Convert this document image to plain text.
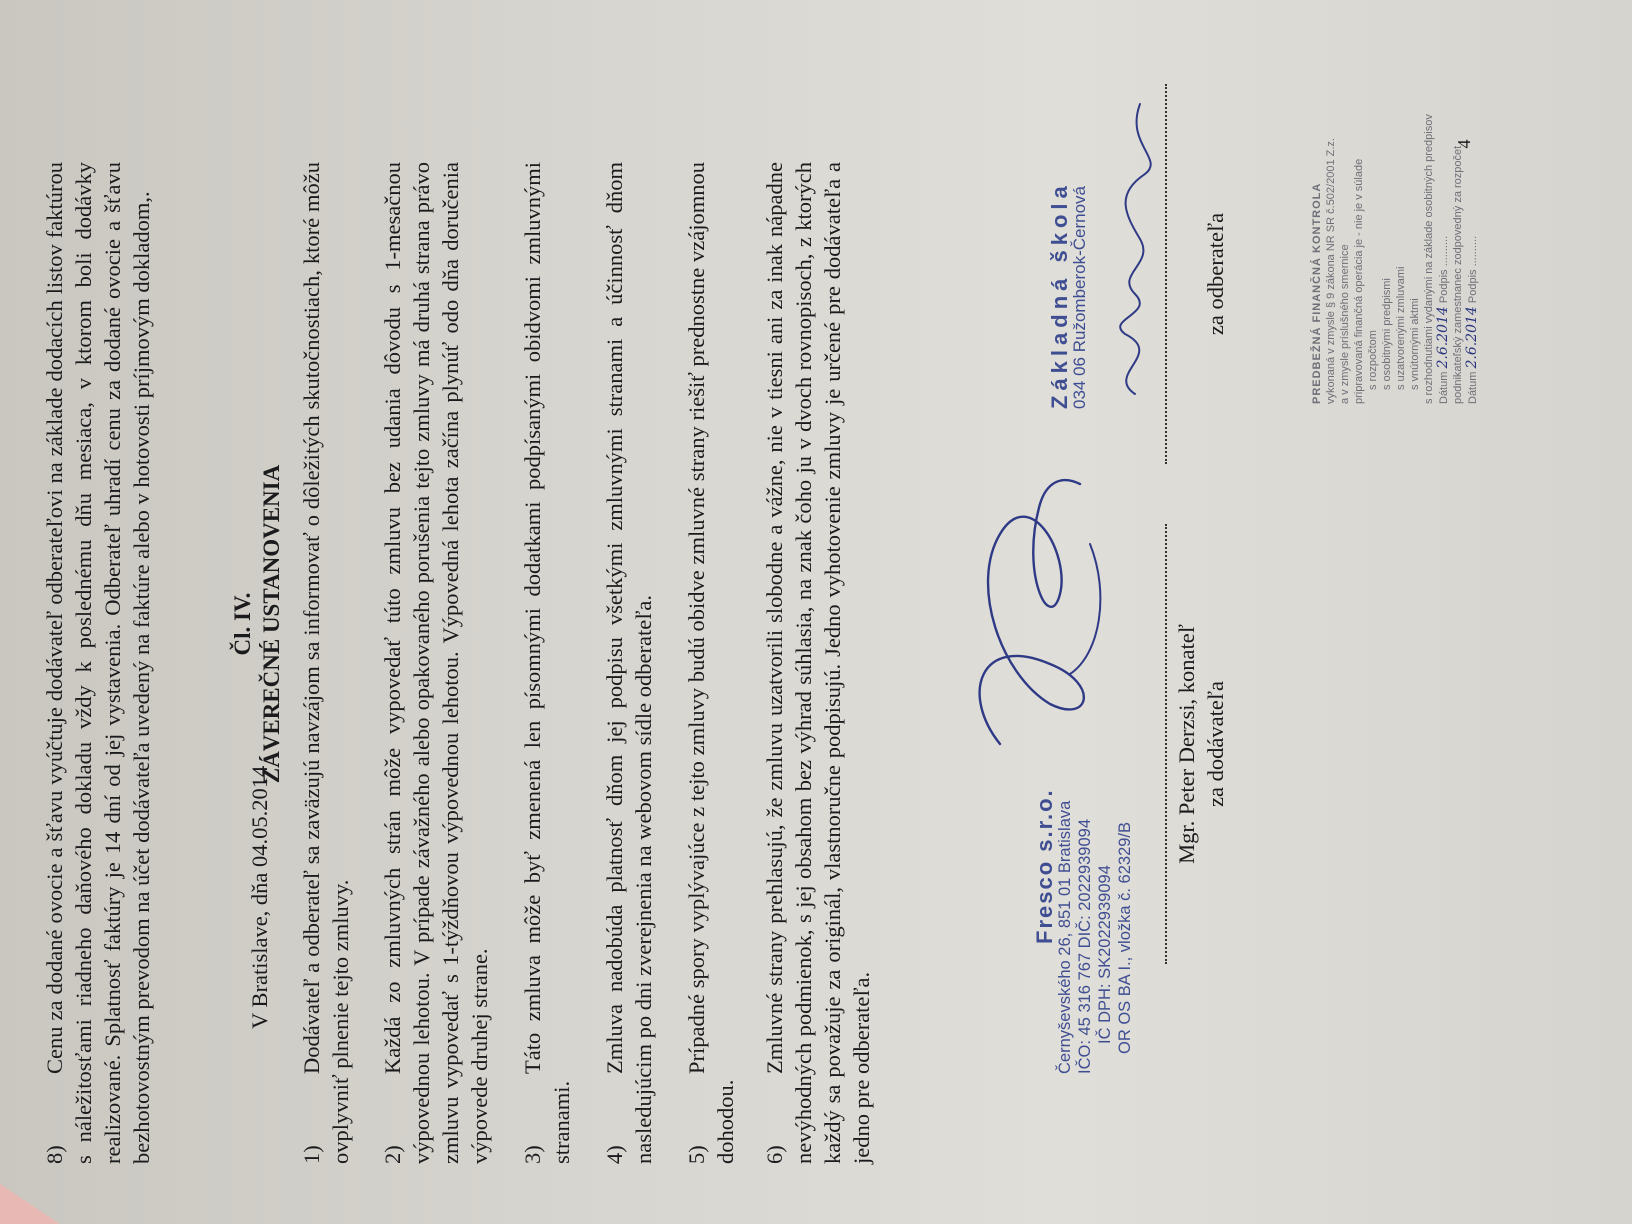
8)Cenu za dodané ovocie a šťavu vyúčtuje dodávateľ odberateľovi na základe dodacích listov faktúrou s náležitosťami riadneho daňového dokladu vždy k poslednému dňu mesiaca, v ktorom boli dodávky realizované. Splatnosť faktúry je 14 dní od jej vystavenia. Odberateľ uhradí cenu za dodané ovocie a šťavu bezhotovostným prevodom na účet dodávateľa uvedený na faktúre alebo v hotovosti príjmovým dokladom,.	Čl. IV. ZÁVEREČNÉ USTANOVENIA
1)Dodávateľ a odberateľ sa zaväzujú navzájom sa informovať o dôležitých skutočnostiach, ktoré môžu ovplyvniť plnenie tejto zmluvy. 2)Každá zo zmluvných strán môže vypovedať túto zmluvu bez udania dôvodu s 1-mesačnou výpovednou lehotou. V prípade závažného alebo opakovaného porušenia tejto zmluvy má druhá strana právo zmluvu vypovedať s 1-týždňovou výpovednou lehotou. Výpovedná lehota začína plynúť odo dňa doručenia výpovede druhej strane. 3)Táto zmluva môže byť zmenená len písomnými dodatkami podpísanými obidvomi zmluvnými stranami. 4)Zmluva nadobúda platnosť dňom jej podpisu všetkými zmluvnými stranami a účinnosť dňom nasledujúcim po dni zverejnenia na webovom sídle odberateľa. 5)Prípadné spory vyplývajúce z tejto zmluvy budú obidve zmluvné strany riešiť prednostne vzájomnou dohodou. 6)Zmluvné strany prehlasujú, že zmluvu uzatvorili slobodne a vážne, nie v tiesni ani za inak nápadne nevýhodných podmienok, s jej obsahom bez výhrad súhlasia, na znak čoho ju v dvoch rovnopisoch, z ktorých každý sa považuje za originál, vlastnoručne podpisujú. Jedno vyhotovenie zmluvy je určené pre dodávateľa a jedno pre odberateľa.
V Bratislave, dňa 04.05.2014	Fresco s.r.o. Černyševského 26, 851 01 Bratislava IČO: 45 316 767 DIČ: 2022939094 IČ DPH: SK2022939094 OR OS BA I., vložka č. 62329/B
Mgr. Peter Derzsi, konateľ za dodávateľa
Základná škola
034 06 Ružomberok-Černová	za odberateľa
4
PREDBEŽNÁ FINANČNÁ KONTROLA vykonaná v zmysle § 9 zákona NR SR č.502/2001 Z.z. a v zmysle príslušného smernice pripravovaná finančná operácia je - nie je v súlade s rozpočtom s osobitnými predpismi s uzatvorenými zmluvami s vnútornými aktmi s rozhodnutiami vydanými na základe osobitných predpisov Dátum 2.6.2014 Podpis .......... podnikateľský zamestnanec zodpovedný za rozpočet Dátum 2.6.2014 Podpis ..........
